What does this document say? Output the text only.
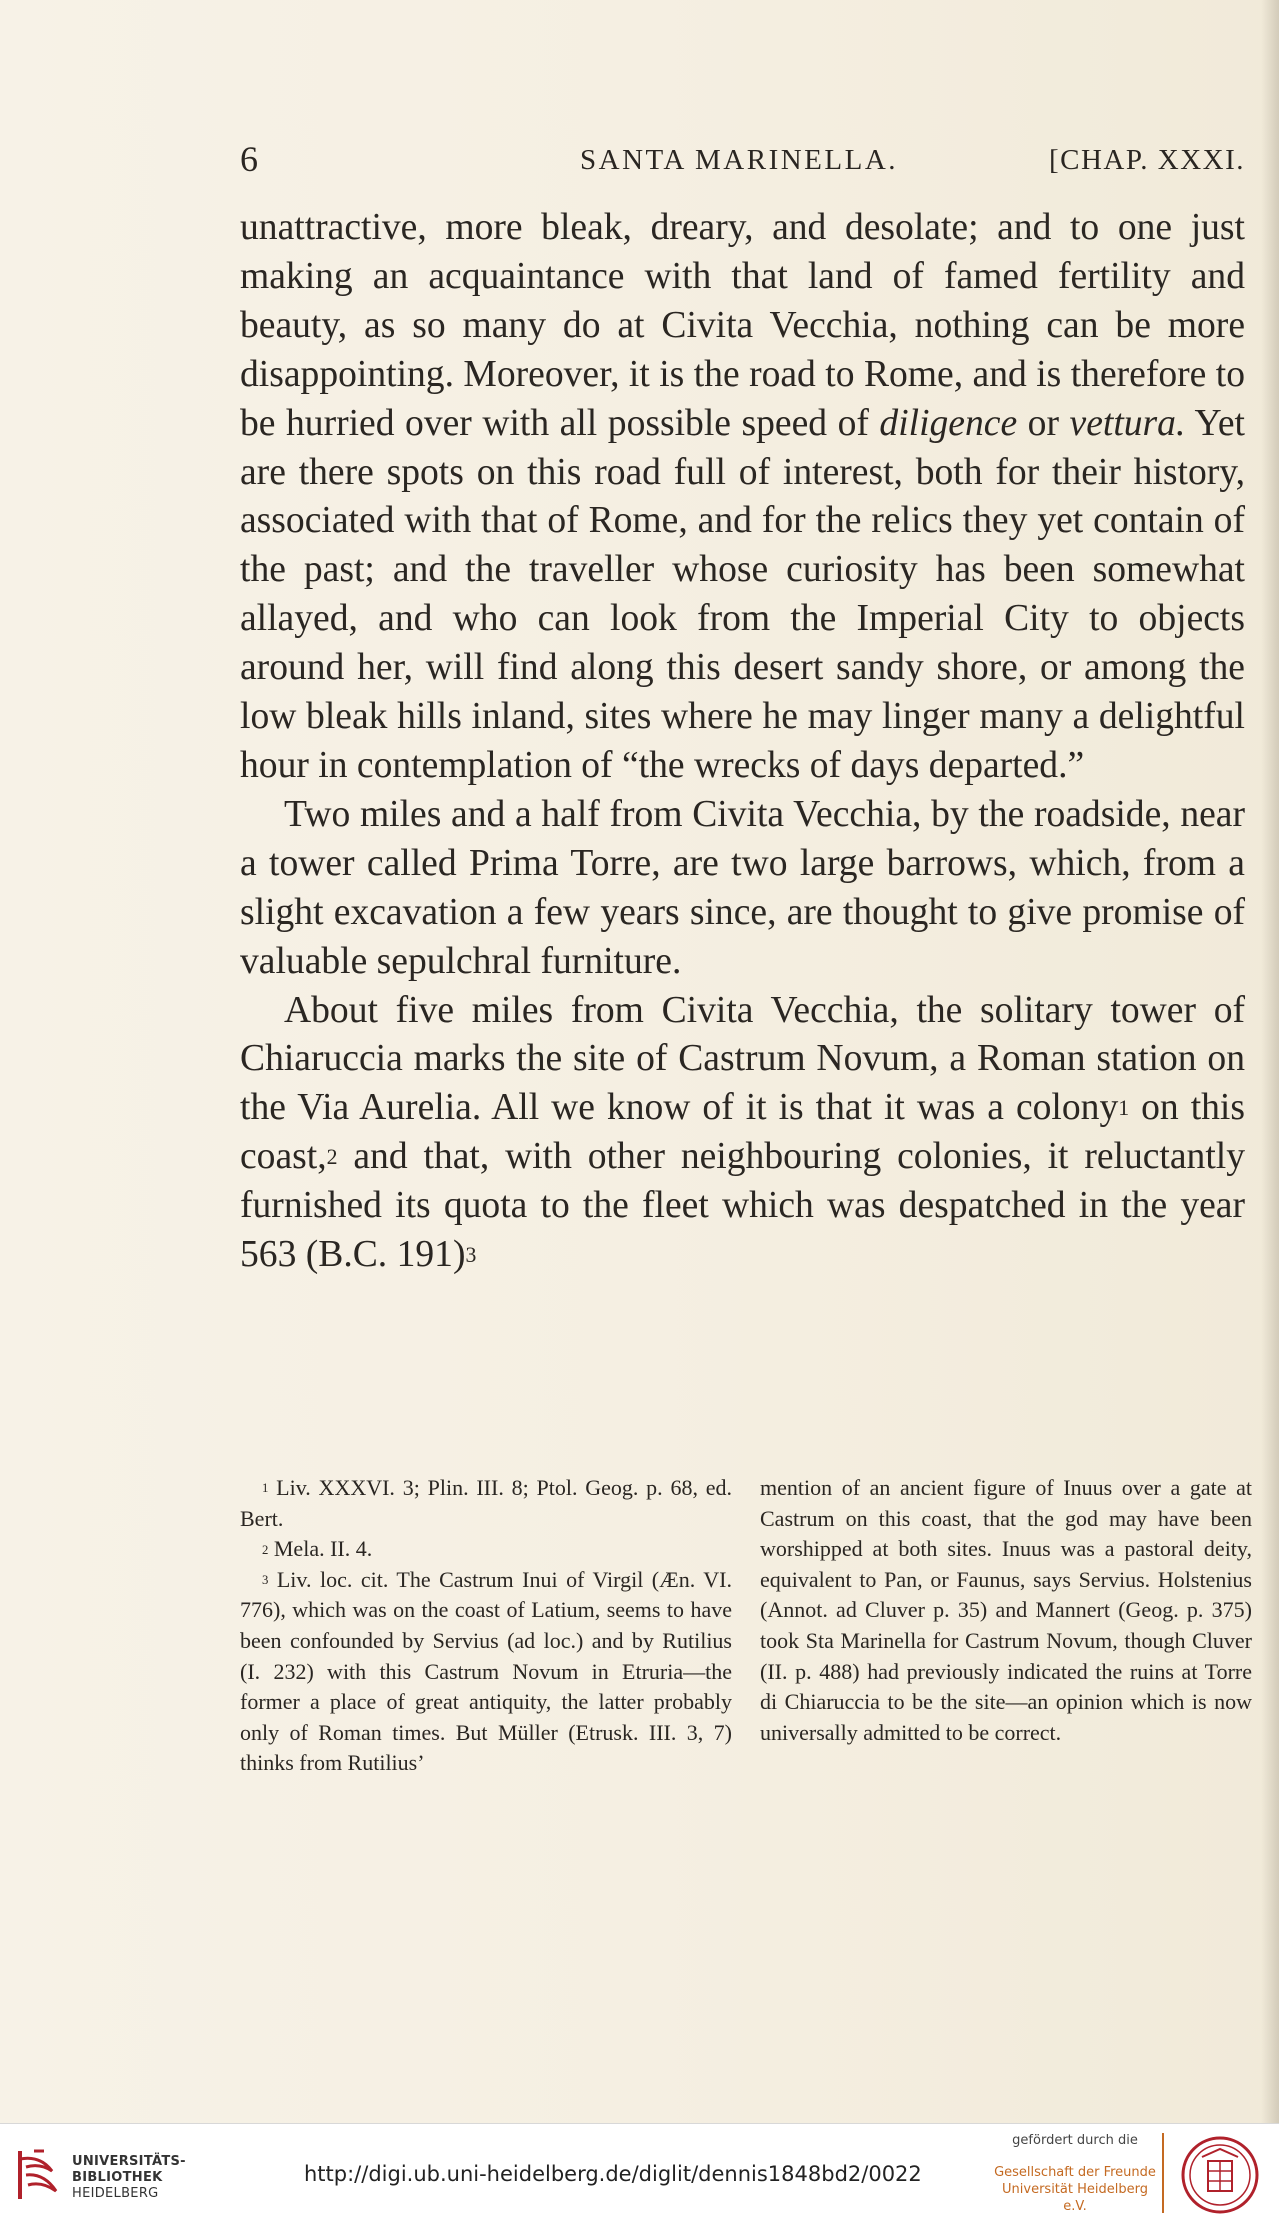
6	SANTA MARINELLA.	[CHAP. XXXI.

unattractive, more bleak, dreary, and desolate; and to one just making an acquaintance with that land of famed fertility and beauty, as so many do at Civita Vecchia, nothing can be more disappointing. Moreover, it is the road to Rome, and is therefore to be hurried over with all possible speed of diligence or vettura. Yet are there spots on this road full of interest, both for their history, associated with that of Rome, and for the relics they yet contain of the past; and the traveller whose curiosity has been somewhat allayed, and who can look from the Imperial City to objects around her, will find along this desert sandy shore, or among the low bleak hills inland, sites where he may linger many a delightful hour in contemplation of “the wrecks of days departed.”

Two miles and a half from Civita Vecchia, by the roadside, near a tower called Prima Torre, are two large barrows, which, from a slight excavation a few years since, are thought to give promise of valuable sepulchral furniture.

About five miles from Civita Vecchia, the solitary tower of Chiaruccia marks the site of Castrum Novum, a Roman station on the Via Aurelia. All we know of it is that it was a colony$^1$ on this coast,$^2$ and that, with other neighbouring colonies, it reluctantly furnished its quota to the fleet which was despatched in the year 563 (B.C. 191)$^3$

$^1$ Liv. XXXVI. 3; Plin. III. 8; Ptol. Geog. p. 68, ed. Bert.

$^2$ Mela. II. 4.

$^3$ Liv. loc. cit. The Castrum Inui of Virgil (Æn. VI. 776), which was on the coast of Latium, seems to have been confounded by Servius (ad loc.) and by Rutilius (I. 232) with this Castrum Novum in Etruria—the former a place of great antiquity, the latter probably only of Roman times. But Müller (Etrusk. III. 3, 7) thinks from Rutilius’

mention of an ancient figure of Inuus over a gate at Castrum on this coast, that the god may have been worshipped at both sites. Inuus was a pastoral deity, equivalent to Pan, or Faunus, says Servius. Holstenius (Annot. ad Cluver p. 35) and Mannert (Geog. p. 375) took Sta Marinella for Castrum Novum, though Cluver (II. p. 488) had previously indicated the ruins at Torre di Chiaruccia to be the site—an opinion which is now universally admitted to be correct.

UNIVERSITÄTS-
BIBLIOTHEK
HEIDELBERG
http://digi.ub.uni-heidelberg.de/diglit/dennis1848bd2/0022
gefördert durch die
Gesellschaft der Freunde
Universität Heidelberg e.V.
